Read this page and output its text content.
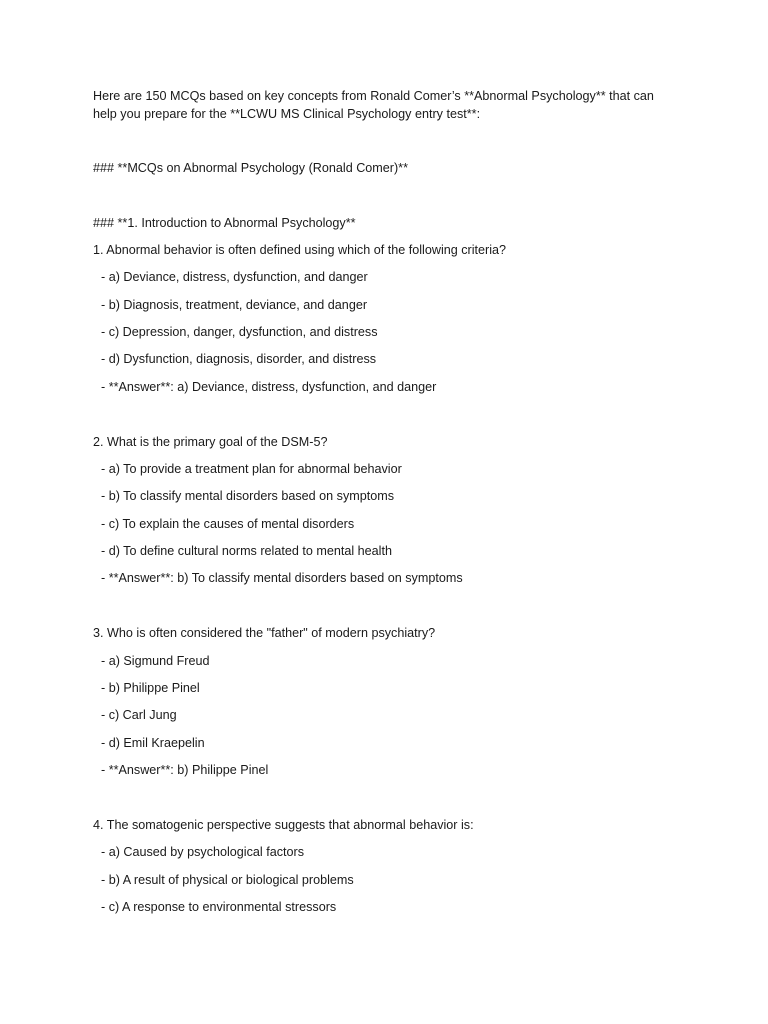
Here are 150 MCQs based on key concepts from Ronald Comer’s **Abnormal Psychology** that can
help you prepare for the **LCWU MS Clinical Psychology entry test**:
### **MCQs on Abnormal Psychology (Ronald Comer)**
### **1. Introduction to Abnormal Psychology**
1. Abnormal behavior is often defined using which of the following criteria?
- a) Deviance, distress, dysfunction, and danger
- b) Diagnosis, treatment, deviance, and danger
- c) Depression, danger, dysfunction, and distress
- d) Dysfunction, diagnosis, disorder, and distress
- **Answer**: a) Deviance, distress, dysfunction, and danger
2. What is the primary goal of the DSM-5?
- a) To provide a treatment plan for abnormal behavior
- b) To classify mental disorders based on symptoms
- c) To explain the causes of mental disorders
- d) To define cultural norms related to mental health
- **Answer**: b) To classify mental disorders based on symptoms
3. Who is often considered the "father" of modern psychiatry?
- a) Sigmund Freud
- b) Philippe Pinel
- c) Carl Jung
- d) Emil Kraepelin
- **Answer**: b) Philippe Pinel
4. The somatogenic perspective suggests that abnormal behavior is:
- a) Caused by psychological factors
- b) A result of physical or biological problems
- c) A response to environmental stressors
